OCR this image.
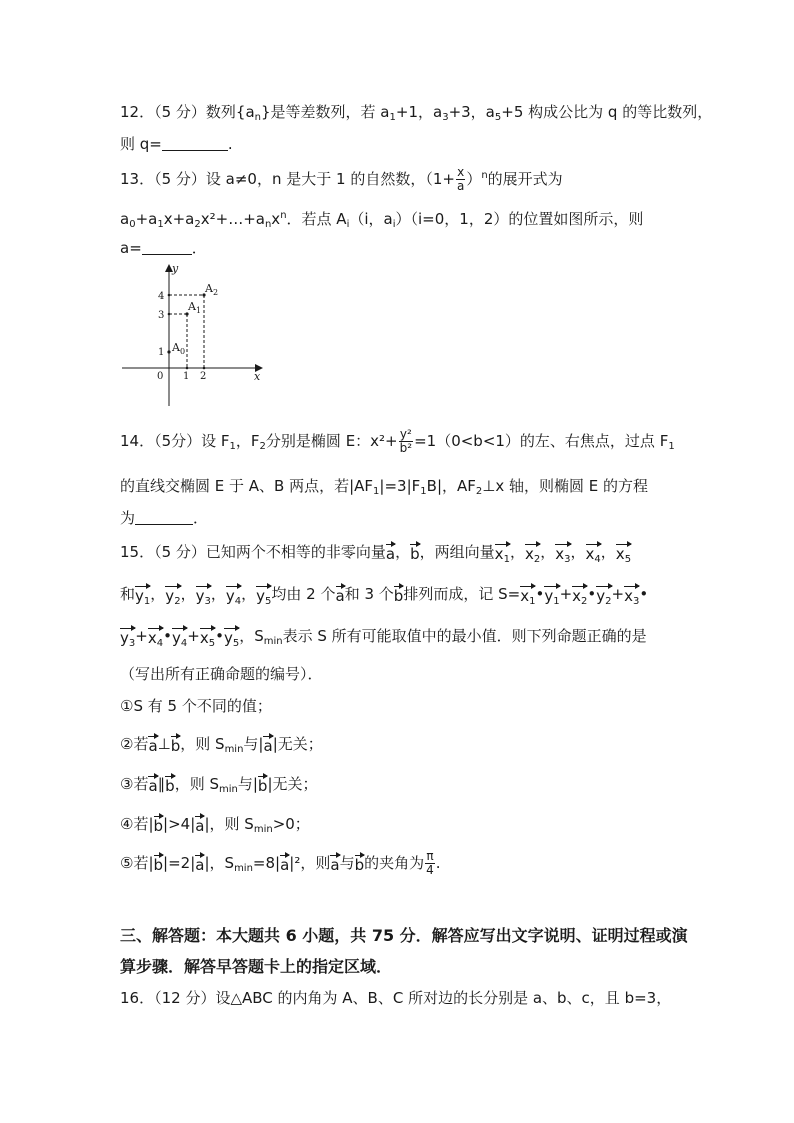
12．（5 分）数列$\{a_n\}$是等差数列，若 $a_1+1$，$a_3+3$，$a_5+5$ 构成公比为 q 的等比数列，
则 q=	.
13．（5 分）设 a≠0，n 是大于 1 的自然数，$(1+ \frac{x}{a} )^n$的展开式为
$a_0+a_1x+a_2x^2+\dots+a_nx^n$．若点 $A_i(i$，$a_i)(i=0$，1，2）的位置如图所示，则
a=	．
y
x
0
4
3
1
1 2
$A_0$
$A_1$
$A_2$
14．（5分）设 $F_1$，$F_2$分别是椭圆 E：$x^2+ \frac{\text{y²}}{\text{b²}} =1(0<b<1)$的左、右焦点，过点 $F_1$
的直线交椭圆 E 于 A、B 两点，若$|AF_1|=3|F_1B|$，$AF_2\perp x$ 轴，则椭圆 E 的方程
为	．
15．（5 分）已知两个不相等的非零向量a，b，两组向量$x_1$，$x_2$，$x_3$，$x_4$，$x_5$
和$y_1$，$y_2$，$y_3$，$y_4$，$y_5$均由 2 个a和 3 个b排列而成，记 $S=x_1•y_1+x_2•y_2+x_3•$
$y_3+x_4•y_4+x_5•y_5$，$S_{min}$表示 S 所有可能取值中的最小值．则下列命题正确的是
（写出所有正确命题的编号）．
①S 有 5 个不同的值；
②若a⊥b，则 $S_{min}$与|a|无关；
③若a∥b，则 $S_{min}$与|b|无关；
④若|b|>4|a|，则 $S_{min}>0$；
⑤若|b|=2|a|，$S_{min}=8|a|^2$，则a与b的夹角为 $\frac{\pi}{4}$ .
三、解答题：本大题共 6 小题，共 75 分．解答应写出文字说明、证明过程或演
算步骤．解答早答题卡上的指定区域．
16．（12 分）设△ABC 的内角为 A、B、C 所对边的长分别是 a、b、c，且 b=3，
